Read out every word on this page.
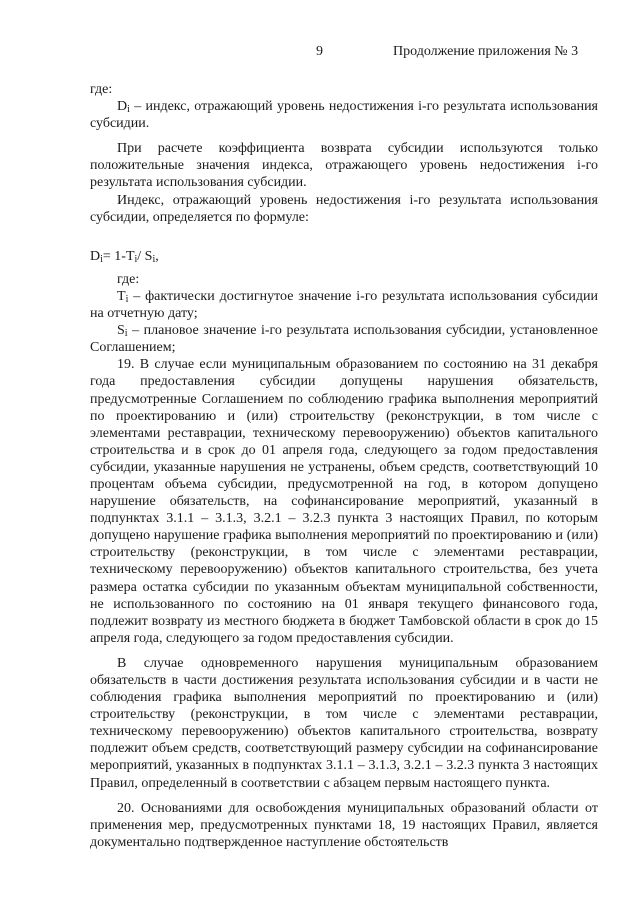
9	Продолжение приложения № 3

где:

$D_i$ – индекс, отражающий уровень недостижения i-го результата использования субсидии.

При расчете коэффициента возврата субсидии используются только положительные значения индекса, отражающего уровень недостижения i-го результата использования субсидии.

Индекс, отражающий уровень недостижения i-го результата использования субсидии, определяется по формуле:

$D_i= 1-T_i/$ $S_i$,

где:

$T_i$ – фактически достигнутое значение i-го результата использования субсидии на отчетную дату;

$S_i$ – плановое значение i-го результата использования субсидии, установленное Соглашением;

19. В случае если муниципальным образованием по состоянию на 31 декабря года предоставления субсидии допущены нарушения обязательств, предусмотренные Соглашением по соблюдению графика выполнения мероприятий по проектированию и (или) строительству (реконструкции, в том числе с элементами реставрации, техническому перевооружению) объектов капитального строительства и в срок до 01 апреля года, следующего за годом предоставления субсидии, указанные нарушения не устранены, объем средств, соответствующий 10 процентам объема субсидии, предусмотренной на год, в котором допущено нарушение обязательств, на софинансирование мероприятий, указанный в подпунктах 3.1.1 – 3.1.3, 3.2.1 – 3.2.3 пункта 3 настоящих Правил, по которым допущено нарушение графика выполнения мероприятий по проектированию и (или) строительству (реконструкции, в том числе с элементами реставрации, техническому перевооружению) объектов капитального строительства, без учета размера остатка субсидии по указанным объектам муниципальной собственности, не использованного по состоянию на 01 января текущего финансового года, подлежит возврату из местного бюджета в бюджет Тамбовской области в срок до 15 апреля года, следующего за годом предоставления субсидии.

В случае одновременного нарушения муниципальным образованием обязательств в части достижения результата использования субсидии и в части не соблюдения графика выполнения мероприятий по проектированию и (или) строительству (реконструкции, в том числе с элементами реставрации, техническому перевооружению) объектов капитального строительства, возврату подлежит объем средств, соответствующий размеру субсидии на софинансирование мероприятий, указанных в подпунктах 3.1.1 – 3.1.3, 3.2.1 – 3.2.3 пункта 3 настоящих Правил, определенный в соответствии с абзацем первым настоящего пункта.

20. Основаниями для освобождения муниципальных образований области от применения мер, предусмотренных пунктами 18, 19 настоящих Правил, является документально подтвержденное наступление обстоятельств
